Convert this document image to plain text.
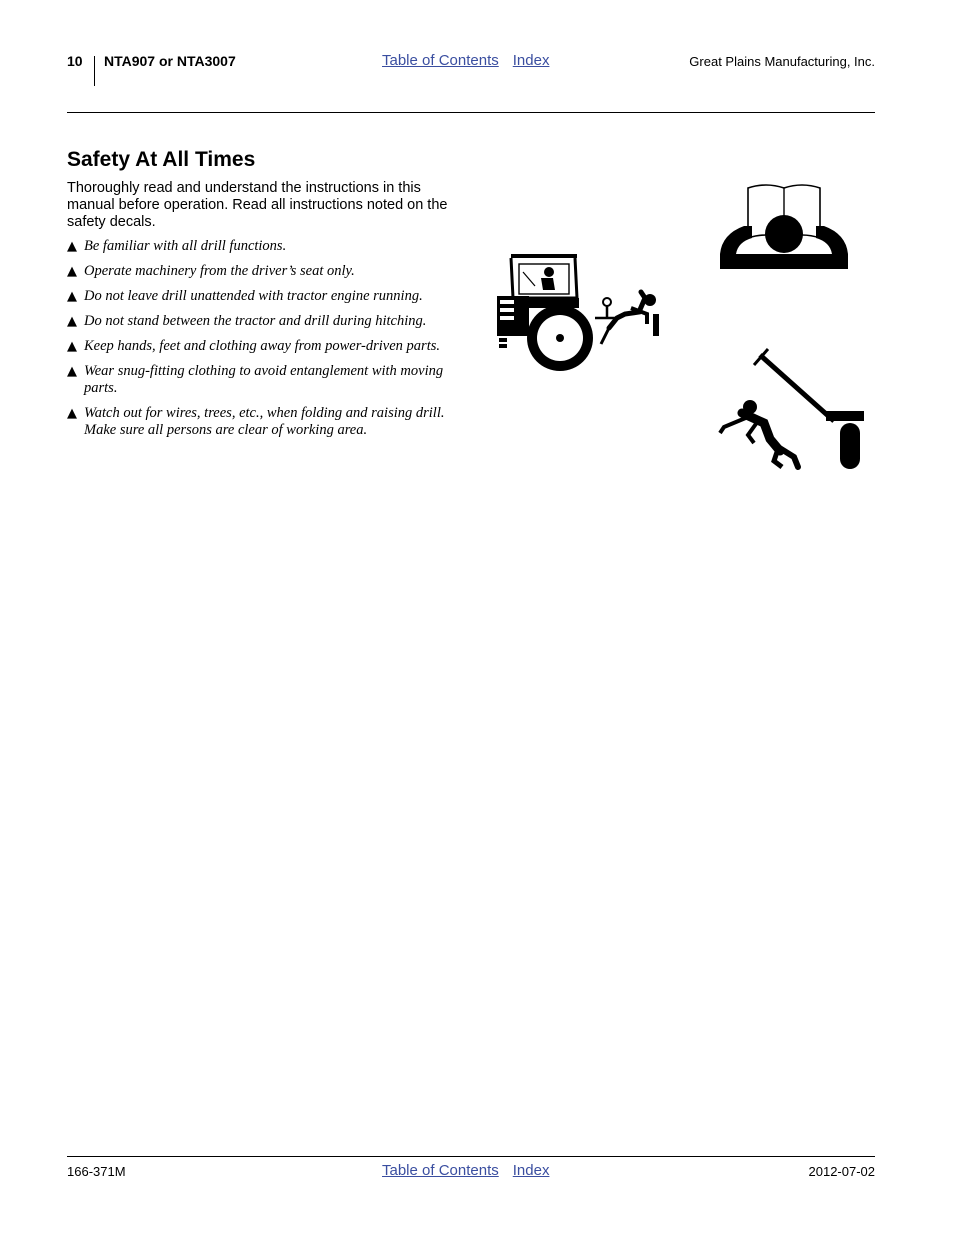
10 NTA907 or NTA3007	Table of Contents Index	Great Plains Manufacturing, Inc.
Safety At All Times

Thoroughly read and understand the instructions in this manual before operation. Read all instructions noted on the safety decals.

▲ Be familiar with all drill functions.
▲ Operate machinery from the driver’s seat only.
▲ Do not leave drill unattended with tractor engine running.
▲ Do not stand between the tractor and drill during hitching.
▲ Keep hands, feet and clothing away from power-driven parts.
▲ Wear snug-fitting clothing to avoid entanglement with moving parts.
▲ Watch out for wires, trees, etc., when folding and raising drill. Make sure all persons are clear of working area.
166-371M	Table of Contents Index	2012-07-02
